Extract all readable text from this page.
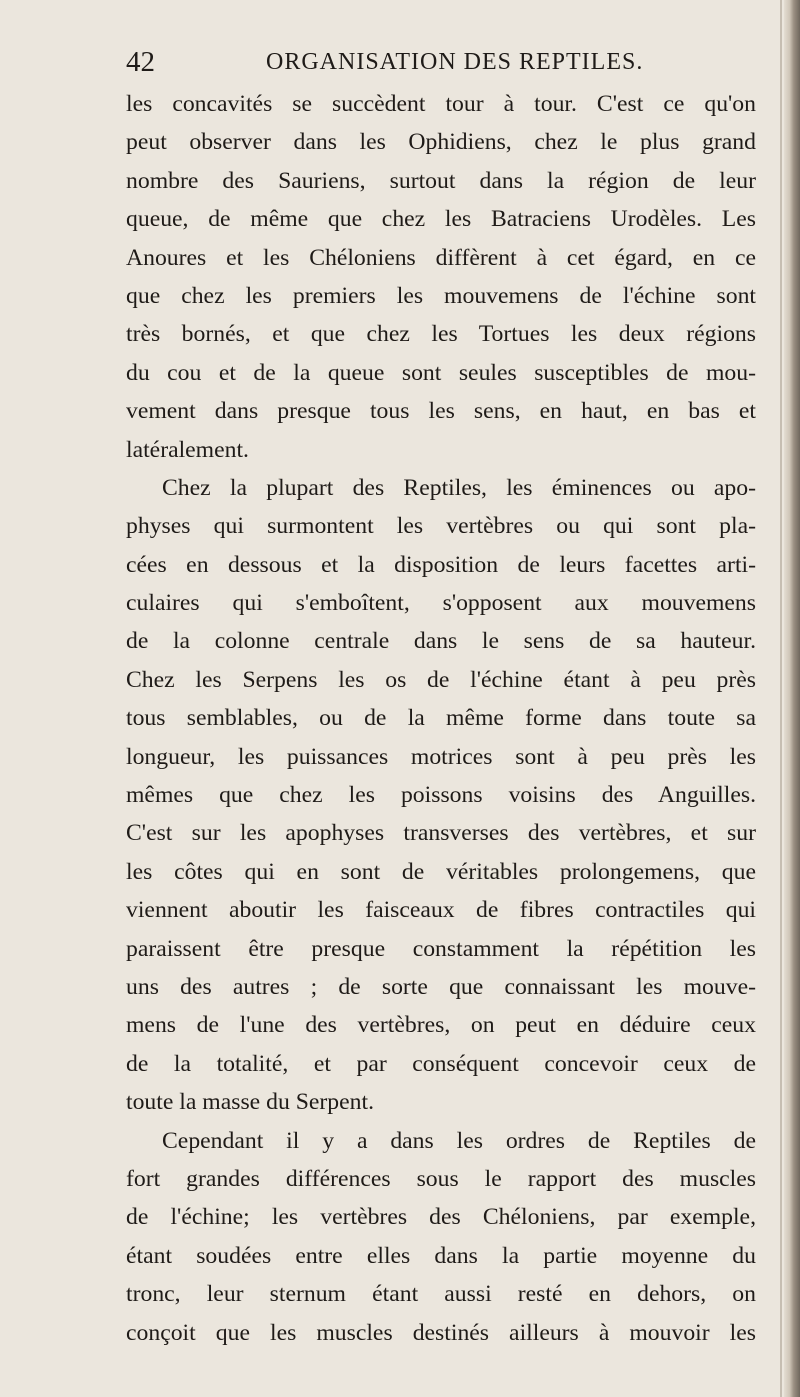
42	ORGANISATION DES REPTILES.
les concavités se succèdent tour à tour. C'est ce qu'on
peut observer dans les Ophidiens, chez le plus grand
nombre des Sauriens, surtout dans la région de leur
queue, de même que chez les Batraciens Urodèles. Les
Anoures et les Chéloniens diffèrent à cet égard, en ce
que chez les premiers les mouvemens de l'échine sont
très bornés, et que chez les Tortues les deux régions
du cou et de la queue sont seules susceptibles de mou-
vement dans presque tous les sens, en haut, en bas et
latéralement.
Chez la plupart des Reptiles, les éminences ou apo-
physes qui surmontent les vertèbres ou qui sont pla-
cées en dessous et la disposition de leurs facettes arti-
culaires qui s'emboîtent, s'opposent aux mouvemens
de la colonne centrale dans le sens de sa hauteur.
Chez les Serpens les os de l'échine étant à peu près
tous semblables, ou de la même forme dans toute sa
longueur, les puissances motrices sont à peu près les
mêmes que chez les poissons voisins des Anguilles.
C'est sur les apophyses transverses des vertèbres, et sur
les côtes qui en sont de véritables prolongemens, que
viennent aboutir les faisceaux de fibres contractiles qui
paraissent être presque constamment la répétition les
uns des autres ; de sorte que connaissant les mouve-
mens de l'une des vertèbres, on peut en déduire ceux
de la totalité, et par conséquent concevoir ceux de
toute la masse du Serpent.
Cependant il y a dans les ordres de Reptiles de
fort grandes différences sous le rapport des muscles
de l'échine; les vertèbres des Chéloniens, par exemple,
étant soudées entre elles dans la partie moyenne du
tronc, leur sternum étant aussi resté en dehors, on
conçoit que les muscles destinés ailleurs à mouvoir les
